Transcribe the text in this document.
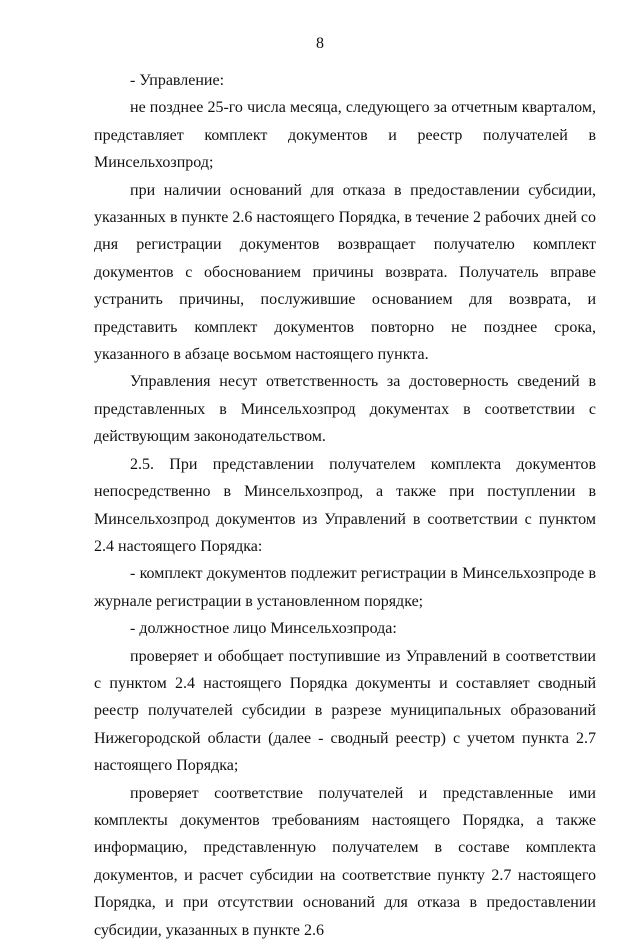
8

- Управление:

не позднее 25-го числа месяца, следующего за отчетным кварталом, представляет комплект документов и реестр получателей в Минсельхозпрод;

при наличии оснований для отказа в предоставлении субсидии, указанных в пункте 2.6 настоящего Порядка, в течение 2 рабочих дней со дня регистрации документов возвращает получателю комплект документов с обоснованием причины возврата. Получатель вправе устранить причины, послужившие основанием для возврата, и представить комплект документов повторно не позднее срока, указанного в абзаце восьмом настоящего пункта.

Управления несут ответственность за достоверность сведений в представленных в Минсельхозпрод документах в соответствии с действующим законодательством.

2.5. При представлении получателем комплекта документов непосредственно в Минсельхозпрод, а также при поступлении в Минсельхозпрод документов из Управлений в соответствии с пунктом 2.4 настоящего Порядка:

- комплект документов подлежит регистрации в Минсельхозпроде в журнале регистрации в установленном порядке;

- должностное лицо Минсельхозпрода:

проверяет и обобщает поступившие из Управлений в соответствии с пунктом 2.4 настоящего Порядка документы и составляет сводный реестр получателей субсидии в разрезе муниципальных образований Нижегородской области (далее - сводный реестр) с учетом пункта 2.7 настоящего Порядка;

проверяет соответствие получателей и представленные ими комплекты документов требованиям настоящего Порядка, а также информацию, представленную получателем в составе комплекта документов, и расчет субсидии на соответствие пункту 2.7 настоящего Порядка, и при отсутствии оснований для отказа в предоставлении субсидии, указанных в пункте 2.6
